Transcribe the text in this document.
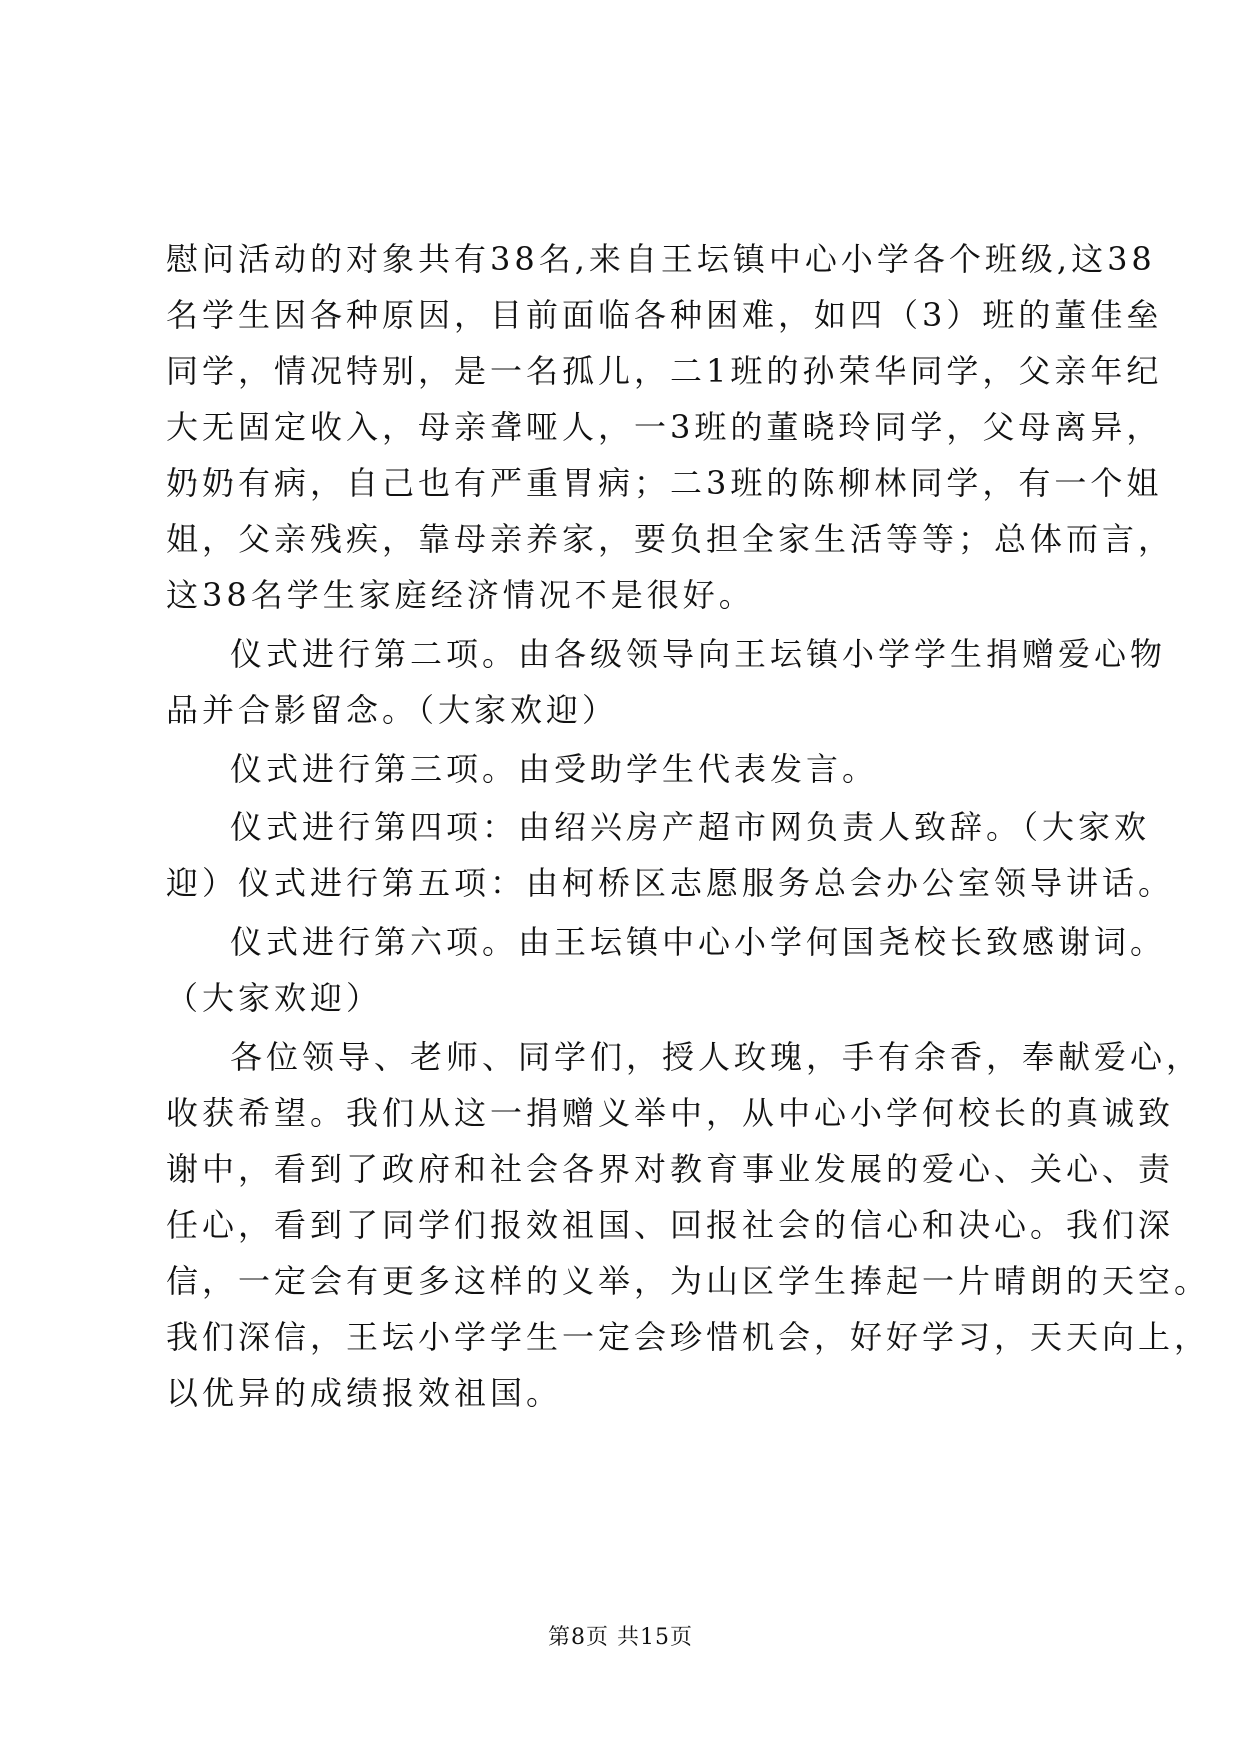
慰问活动的对象共有38名,来自王坛镇中心小学各个班级,这38
名学生因各种原因，目前面临各种困难，如四（3）班的董佳垒
同学，情况特别，是一名孤儿，二1班的孙荣华同学，父亲年纪
大无固定收入，母亲聋哑人，一3班的董晓玲同学，父母离异，
奶奶有病，自己也有严重胃病；二3班的陈柳林同学，有一个姐
姐，父亲残疾，靠母亲养家，要负担全家生活等等；总体而言，
这38名学生家庭经济情况不是很好。
仪式进行第二项。由各级领导向王坛镇小学学生捐赠爱心物
品并合影留念。（大家欢迎）
仪式进行第三项。由受助学生代表发言。
仪式进行第四项：由绍兴房产超市网负责人致辞。（大家欢
迎）仪式进行第五项：由柯桥区志愿服务总会办公室领导讲话。
仪式进行第六项。由王坛镇中心小学何国尧校长致感谢词。
（大家欢迎）
各位领导、老师、同学们，授人玫瑰，手有余香，奉献爱心，
收获希望。我们从这一捐赠义举中，从中心小学何校长的真诚致
谢中，看到了政府和社会各界对教育事业发展的爱心、关心、责
任心，看到了同学们报效祖国、回报社会的信心和决心。我们深
信，一定会有更多这样的义举，为山区学生捧起一片晴朗的天空。
我们深信，王坛小学学生一定会珍惜机会，好好学习，天天向上，
以优异的成绩报效祖国。
第8页 共15页
